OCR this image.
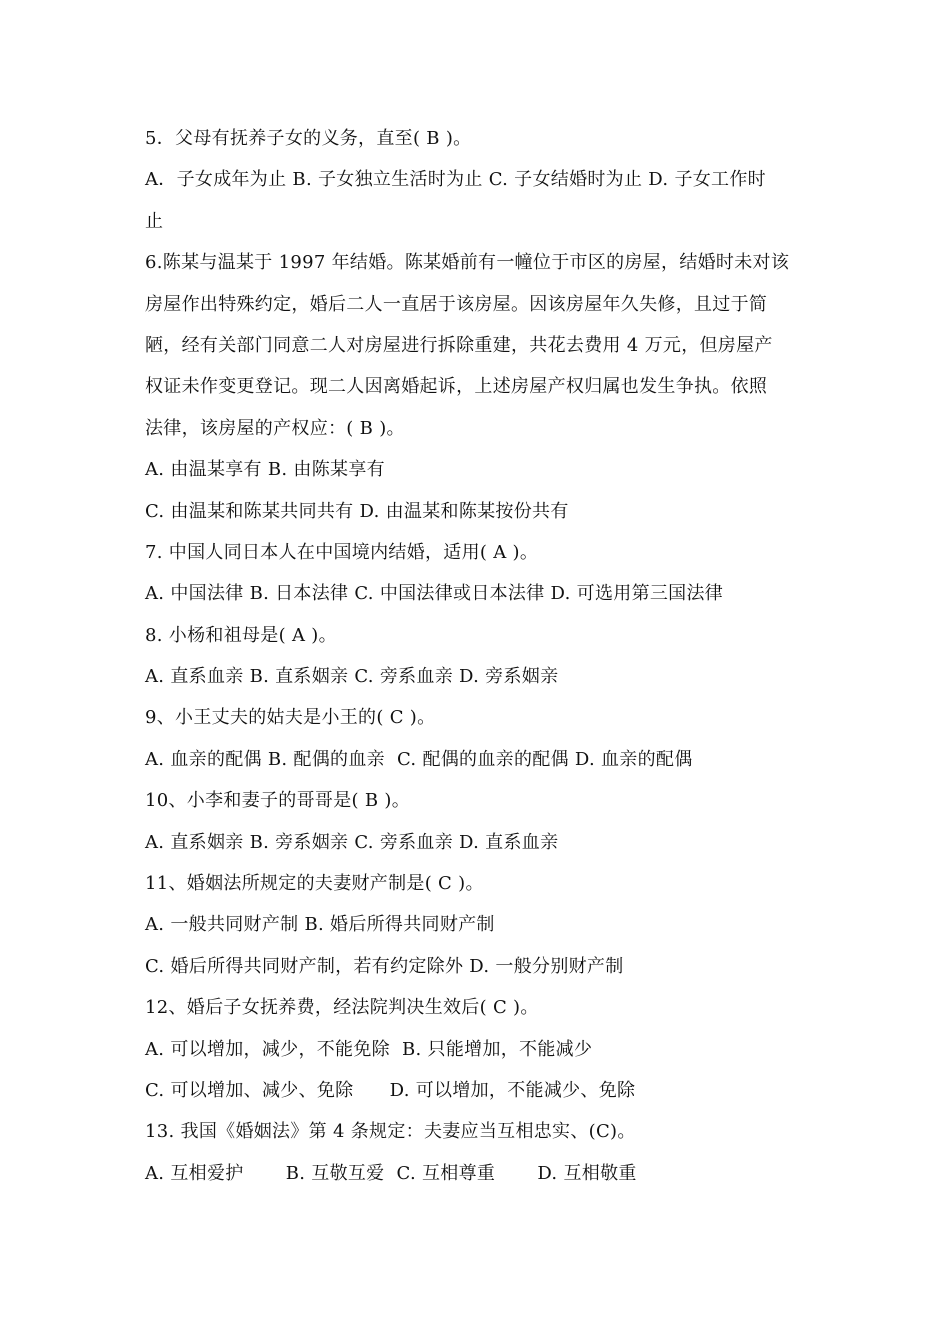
5．父母有抚养子女的义务，直至( B )。
A．子女成年为止 B. 子女独立生活时为止 C. 子女结婚时为止 D. 子女工作时
止
6.陈某与温某于 1997 年结婚。陈某婚前有一幢位于市区的房屋，结婚时未对该
房屋作出特殊约定，婚后二人一直居于该房屋。因该房屋年久失修，且过于简
陋，经有关部门同意二人对房屋进行拆除重建，共花去费用 4 万元，但房屋产
权证未作变更登记。现二人因离婚起诉，上述房屋产权归属也发生争执。依照
法律，该房屋的产权应：( B )。
A. 由温某享有 B. 由陈某享有
C. 由温某和陈某共同共有 D. 由温某和陈某按份共有
7. 中国人同日本人在中国境内结婚，适用( A )。
A. 中国法律 B. 日本法律 C. 中国法律或日本法律 D. 可选用第三国法律
8. 小杨和祖母是( A )。
A. 直系血亲 B. 直系姻亲 C. 旁系血亲 D. 旁系姻亲
9、小王丈夫的姑夫是小王的( C )。
A. 血亲的配偶 B. 配偶的血亲  C. 配偶的血亲的配偶 D. 血亲的配偶
10、小李和妻子的哥哥是( B )。
A. 直系姻亲 B. 旁系姻亲 C. 旁系血亲 D. 直系血亲
11、婚姻法所规定的夫妻财产制是( C )。
A. 一般共同财产制 B. 婚后所得共同财产制
C. 婚后所得共同财产制，若有约定除外 D. 一般分别财产制
12、婚后子女抚养费，经法院判决生效后( C )。
A. 可以增加，减少，不能免除  B. 只能增加，不能减少
C. 可以增加、减少、免除      D. 可以增加，不能减少、免除
13. 我国《婚姻法》第 4 条规定：夫妻应当互相忠实、(C)。
A. 互相爱护       B. 互敬互爱  C. 互相尊重       D. 互相敬重
